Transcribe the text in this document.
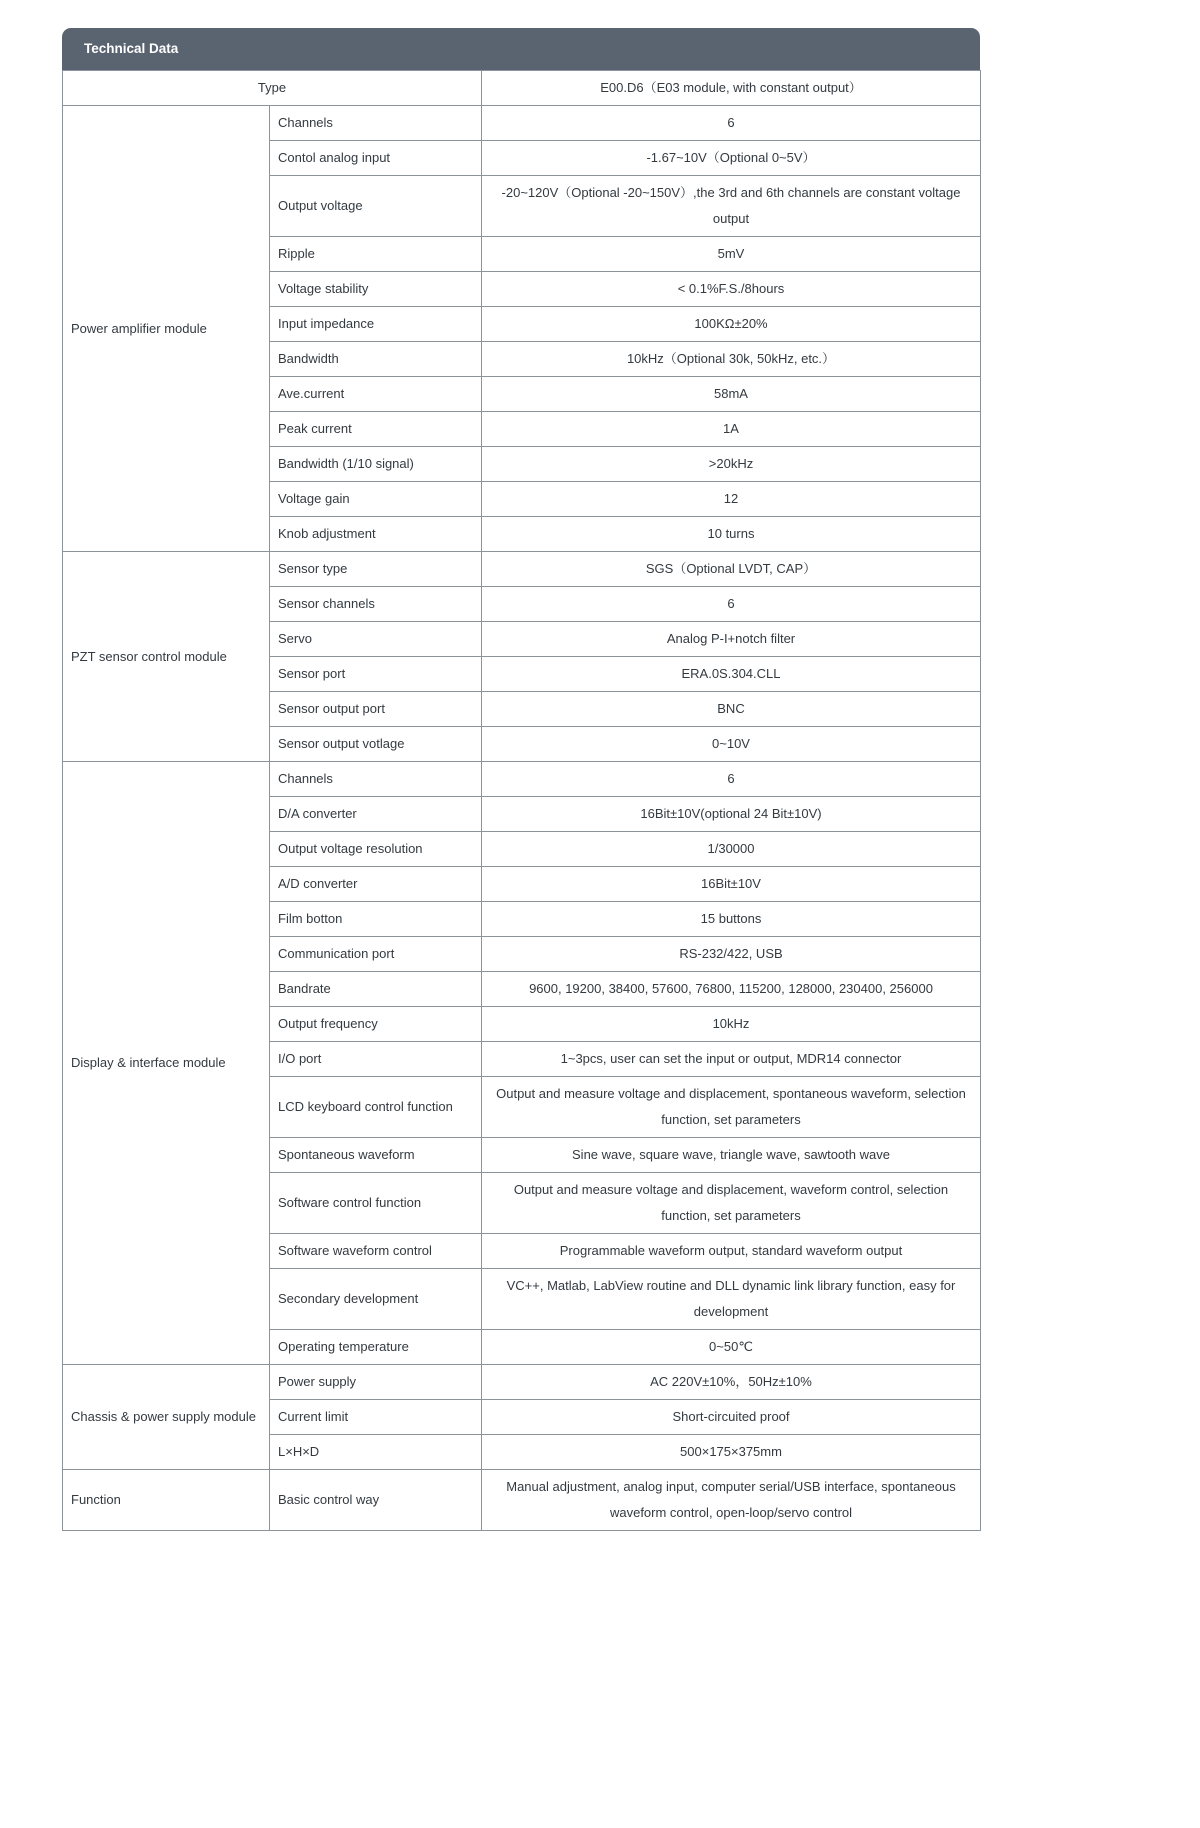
Technical Data
Type		E00.D6（E03 module, with constant output）
Power amplifier module	Channels	6
	Contol analog input	-1.67~10V（Optional 0~5V）
	Output voltage	-20~120V（Optional -20~150V）,the 3rd and 6th channels are constant voltage output
	Ripple	5mV
	Voltage stability	< 0.1%F.S./8hours
	Input impedance	100KΩ±20%
	Bandwidth	10kHz（Optional 30k, 50kHz, etc.）
	Ave.current	58mA
	Peak current	1A
	Bandwidth (1/10 signal)	>20kHz
	Voltage gain	12
	Knob adjustment	10 turns
PZT sensor control module	Sensor type	SGS（Optional LVDT, CAP）
	Sensor channels	6
	Servo	Analog P-I+notch filter
	Sensor port	ERA.0S.304.CLL
	Sensor output port	BNC
	Sensor output votlage	0~10V
Display & interface module	Channels	6
	D/A converter	16Bit±10V(optional 24 Bit±10V)
	Output voltage resolution	1/30000
	A/D converter	16Bit±10V
	Film botton	15 buttons
	Communication port	RS-232/422, USB
	Bandrate	9600, 19200, 38400, 57600, 76800, 115200, 128000, 230400, 256000
	Output frequency	10kHz
	I/O port	1~3pcs, user can set the input or output, MDR14 connector
	LCD keyboard control function	Output and measure voltage and displacement, spontaneous waveform, selection function, set parameters
	Spontaneous waveform	Sine wave, square wave, triangle wave, sawtooth wave
	Software control function	Output and measure voltage and displacement, waveform control, selection function, set parameters
	Software waveform control	Programmable waveform output, standard waveform output
	Secondary development	VC++, Matlab, LabView routine and DLL dynamic link library function, easy for development
	Operating temperature	0~50℃
Chassis & power supply module	Power supply	AC 220V±10%，50Hz±10%
	Current limit	Short-circuited proof
	L×H×D	500×175×375mm
Function	Basic control way	Manual adjustment, analog input, computer serial/USB interface, spontaneous waveform control, open-loop/servo control
